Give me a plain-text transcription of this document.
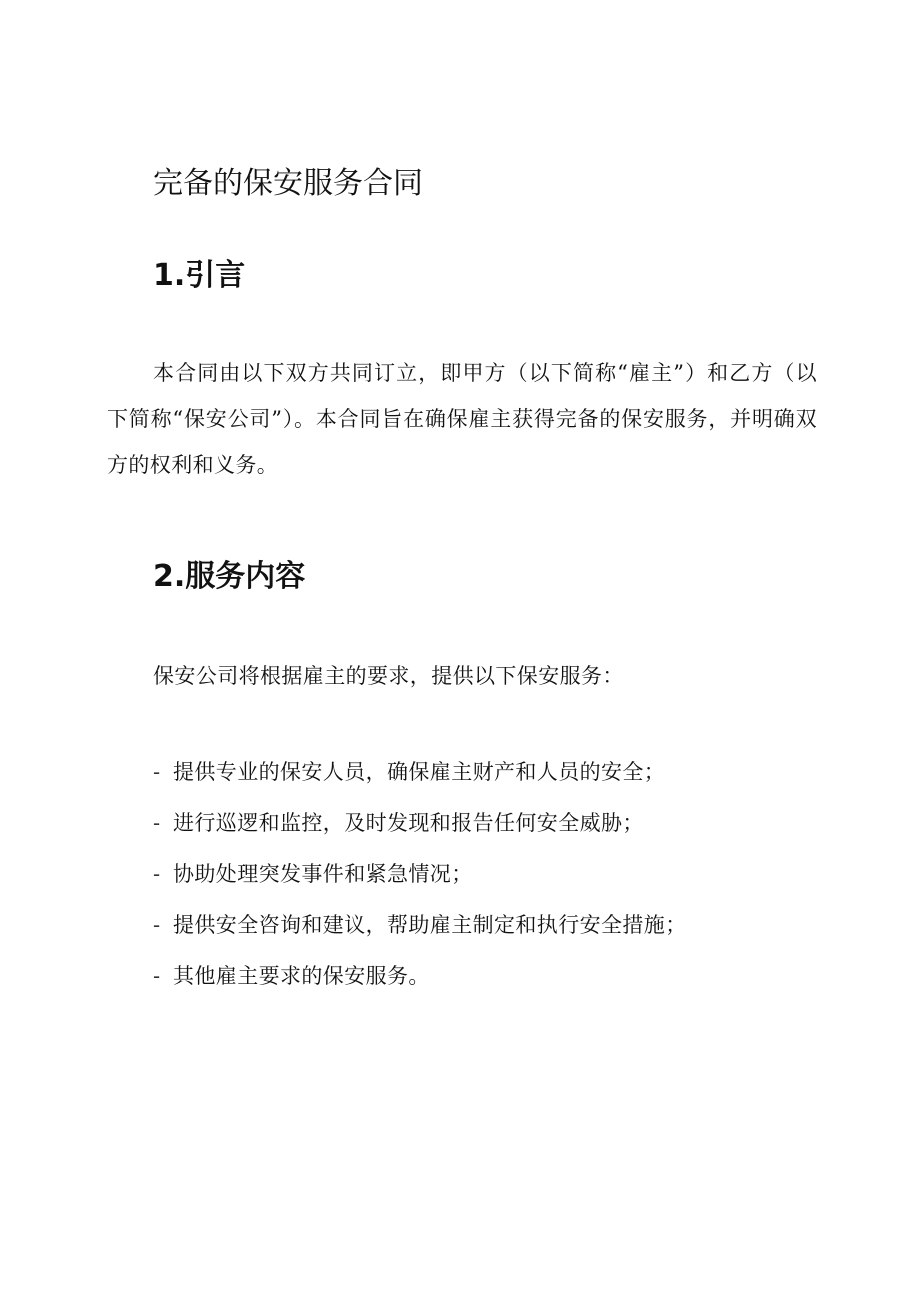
完备的保安服务合同
1.引言

本合同由以下双方共同订立，即甲方（以下简称“雇主”）和乙方（以下简称“保安公司”）。本合同旨在确保雇主获得完备的保安服务，并明确双方的权利和义务。

2.服务内容

保安公司将根据雇主的要求，提供以下保安服务：

- 提供专业的保安人员，确保雇主财产和人员的安全；
- 进行巡逻和监控，及时发现和报告任何安全威胁；
- 协助处理突发事件和紧急情况；
- 提供安全咨询和建议，帮助雇主制定和执行安全措施；
- 其他雇主要求的保安服务。
